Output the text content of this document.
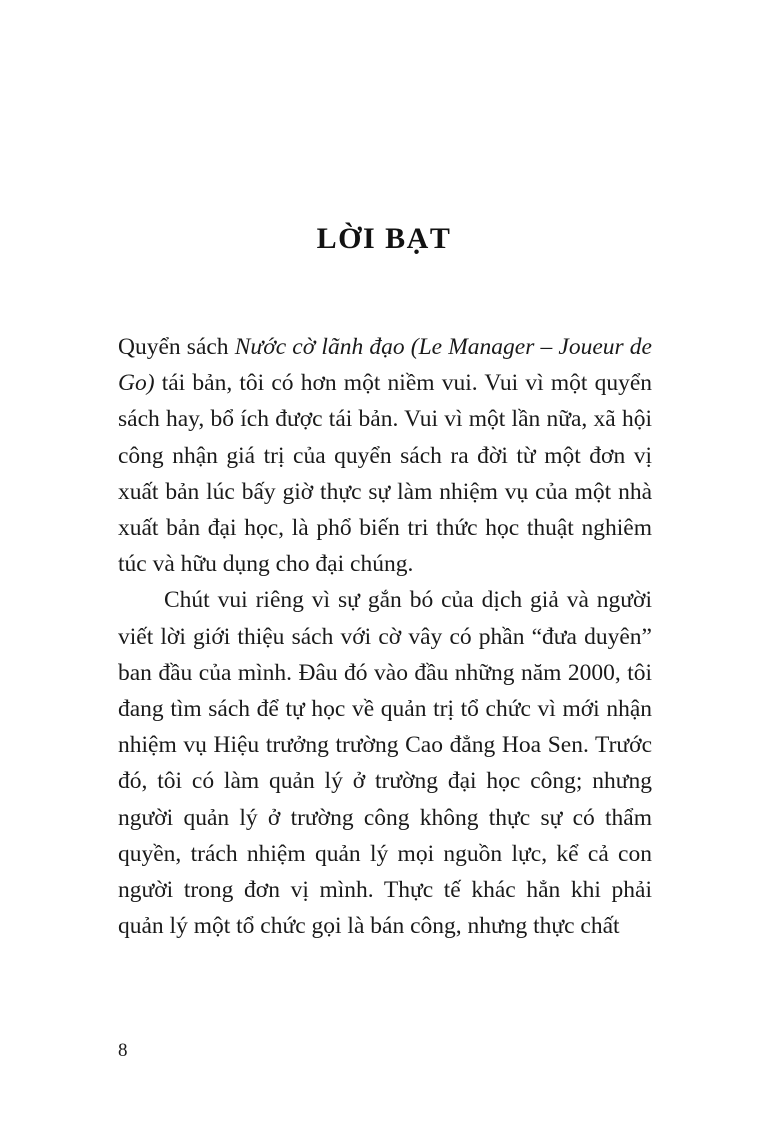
LỜI BẠT

Quyển sách Nước cờ lãnh đạo (Le Manager – Joueur de Go) tái bản, tôi có hơn một niềm vui. Vui vì một quyển sách hay, bổ ích được tái bản. Vui vì một lần nữa, xã hội công nhận giá trị của quyển sách ra đời từ một đơn vị xuất bản lúc bấy giờ thực sự làm nhiệm vụ của một nhà xuất bản đại học, là phổ biến tri thức học thuật nghiêm túc và hữu dụng cho đại chúng.

Chút vui riêng vì sự gắn bó của dịch giả và người viết lời giới thiệu sách với cờ vây có phần “đưa duyên” ban đầu của mình. Đâu đó vào đầu những năm 2000, tôi đang tìm sách để tự học về quản trị tổ chức vì mới nhận nhiệm vụ Hiệu trưởng trường Cao đẳng Hoa Sen. Trước đó, tôi có làm quản lý ở trường đại học công; nhưng người quản lý ở trường công không thực sự có thẩm quyền, trách nhiệm quản lý mọi nguồn lực, kể cả con người trong đơn vị mình. Thực tế khác hẳn khi phải quản lý một tổ chức gọi là bán công, nhưng thực chất

8
